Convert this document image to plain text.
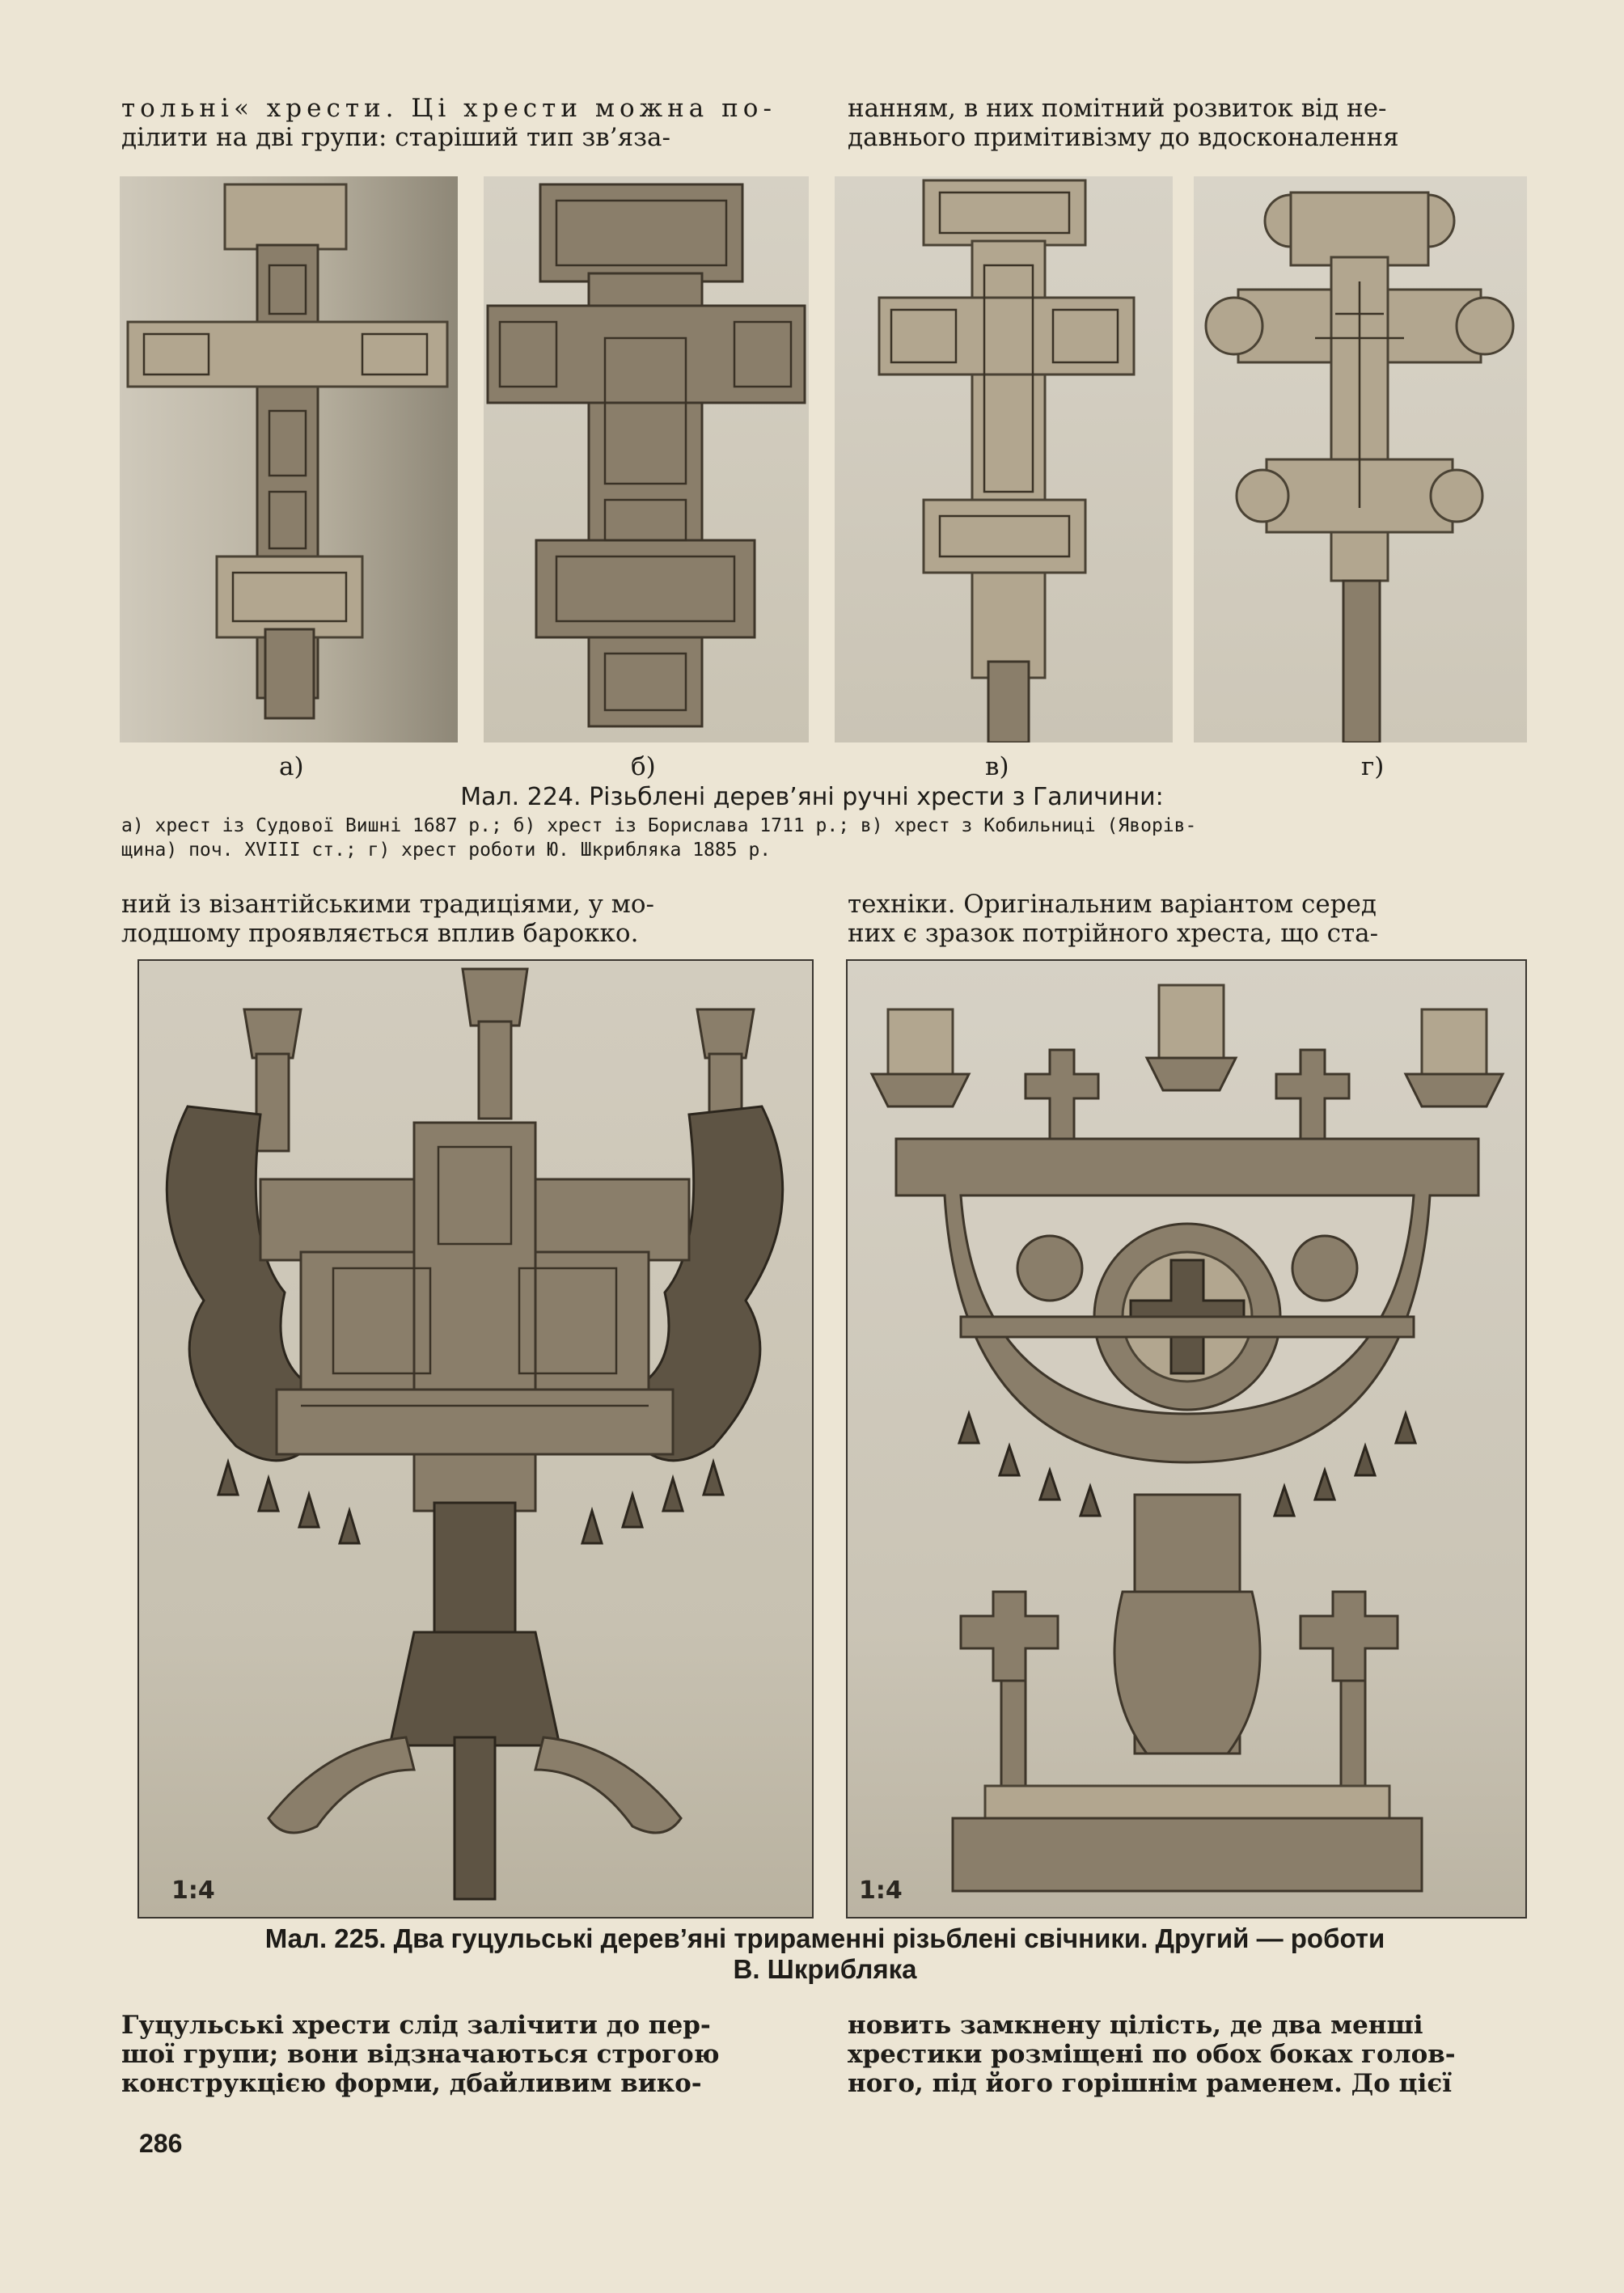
тольні« хрести. Ці хрести можна по-
ділити на дві групи: старіший тип зв’яза-
нанням, в них помітний розвиток від не-
давнього примітивізму до вдосконалення
а)	б)	в)	г)
Мал. 224. Різьблені дерев’яні ручні хрести з Галичини:
а) хрест із Судової Вишні 1687 р.; б) хрест із Борислава 1711 р.; в) хрест з Кобильниці (Яворів-
щина) поч. XVIII ст.; г) хрест роботи Ю. Шкрибляка 1885 р.
ний із візантійськими традиціями, у мо-
лодшому проявляється вплив барокко.
техніки. Оригінальним варіантом серед
них є зразок потрійного хреста, що ста-
1:4	1:4
Мал. 225. Два гуцульські дерев’яні трираменні різьблені свічники. Другий — роботи
В. Шкрибляка
Гуцульські хрести слід залічити до пер-
шої групи; вони відзначаються строгою
конструкцією форми, дбайливим вико-
новить замкнену цілість, де два менші
хрестики розміщені по обох боках голов-
ного, під його горішнім раменем. До цієї
286
